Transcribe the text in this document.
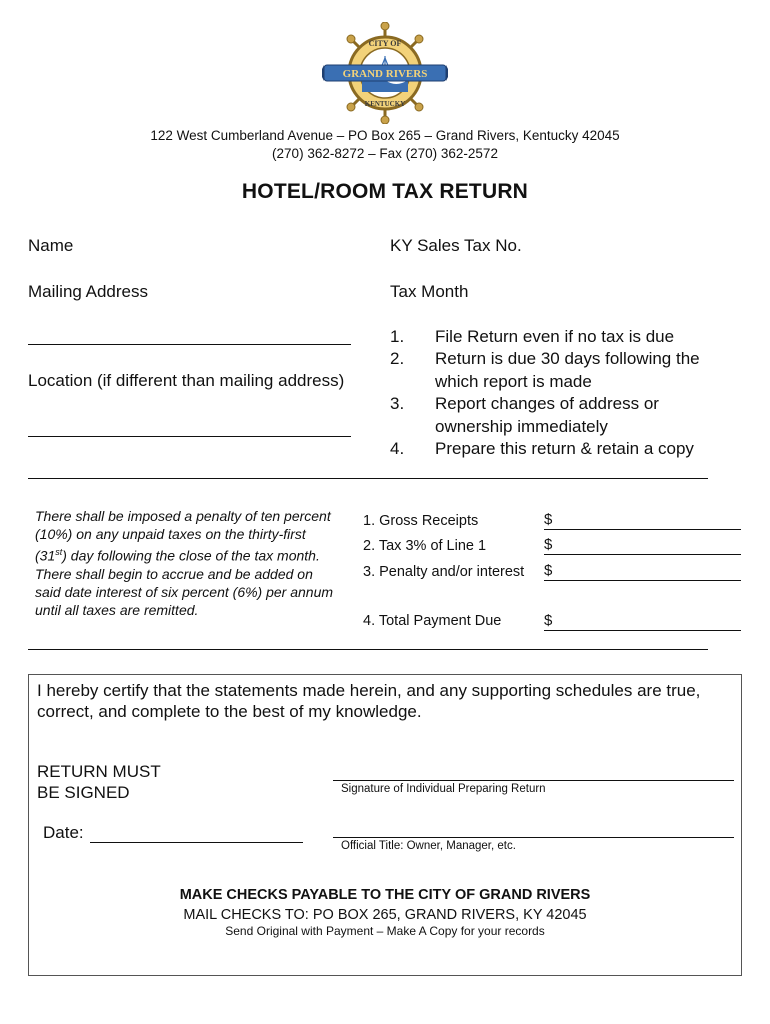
GRAND RIVERS
CITY OF
KENTUCKY
122 West Cumberland Avenue – PO Box 265 – Grand Rivers, Kentucky 42045
(270) 362-8272 – Fax (270) 362-2572
HOTEL/ROOM TAX RETURN
Name
Mailing Address
Location (if different than mailing address)
KY Sales Tax No.
Tax Month
1. File Return even if no tax is due
2. Return is due 30 days following the which report is made
3. Report changes of address or ownership immediately
4. Prepare this return & retain a copy
There shall be imposed a penalty of ten percent (10%) on any unpaid taxes on the thirty-first (31st) day following the close of the tax month.
There shall begin to accrue and be added on said date interest of six percent (6%) per annum until all taxes are remitted.
1. Gross Receipts	$
2. Tax 3% of Line 1	$
3. Penalty and/or interest $
4. Total Payment Due	$
I hereby certify that the statements made herein, and any supporting schedules are true, correct, and complete to the best of my knowledge.
RETURN MUST
BE SIGNED	Signature of Individual Preparing Return
Date:
Official Title: Owner, Manager, etc.
MAKE CHECKS PAYABLE TO THE CITY OF GRAND RIVERS
MAIL CHECKS TO: PO BOX 265, GRAND RIVERS, KY 42045
Send Original with Payment – Make A Copy for your records
